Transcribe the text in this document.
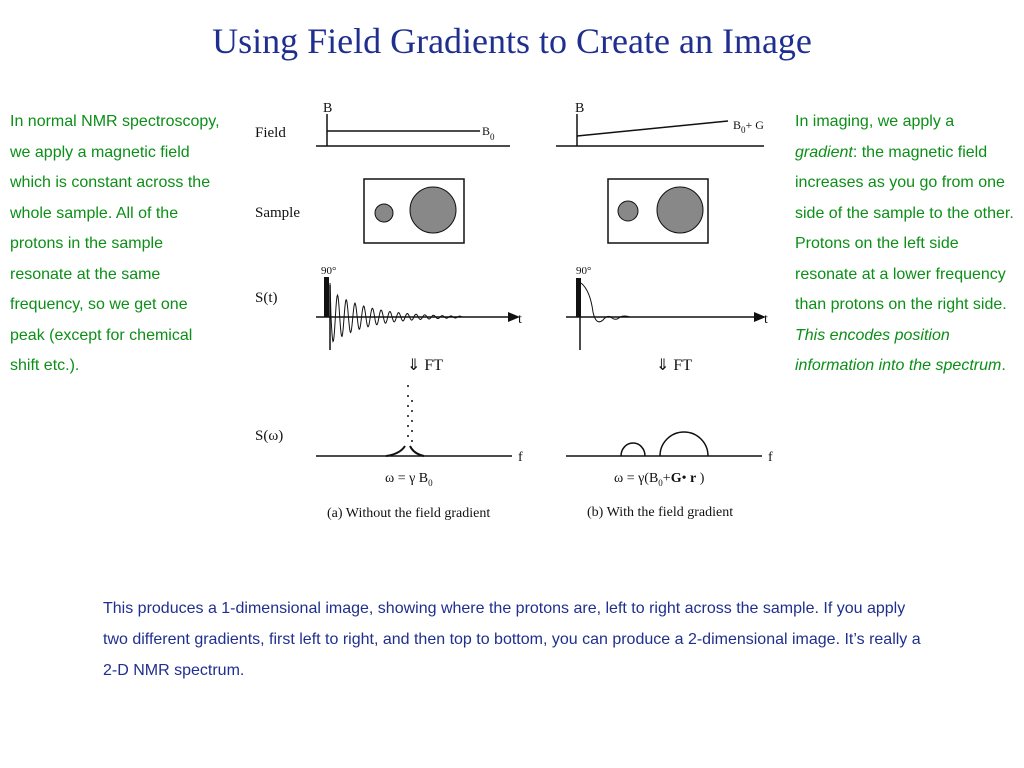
Using Field Gradients to Create an Image
In normal NMR spectroscopy, we apply a magnetic field which is constant across the whole sample. All of the protons in the sample resonate at the same frequency, so we get one peak (except for chemical shift etc.).
In imaging, we apply a gradient: the magnetic field increases as you go from one side of the sample to the other. Protons on the left side resonate at a lower frequency than protons on the right side. This encodes position information into the spectrum.
Field
Sample
S(t)
S(ω)
B
B 0
90°
t
⇓ FT
f
ω = γ $B_0$
(a) Without the field gradient
B
$B_0+ G$
90°
t
⇓ FT
f
$\omega = \gamma(B_0+G•$ r )
(b) With the field gradient
This produces a 1-dimensional image, showing where the protons are, left to right across the sample. If you apply two different gradients, first left to right, and then top to bottom, you can produce a 2-dimensional image. It’s really a 2-D NMR spectrum.
